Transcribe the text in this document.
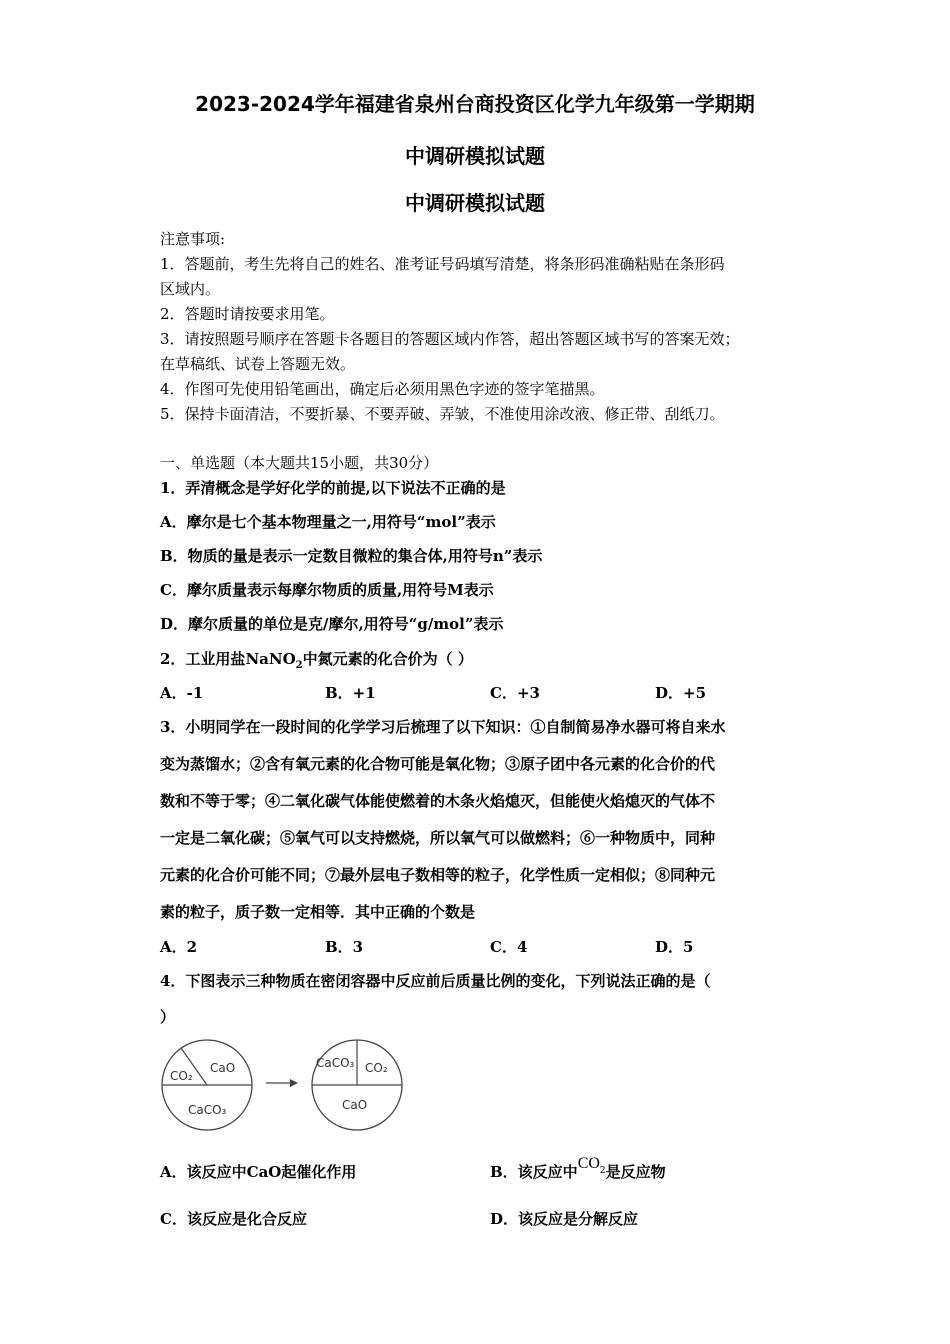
2023-2024学年福建省泉州台商投资区化学九年级第一学期期
中调研模拟试题
中调研模拟试题
注意事项:
1．答题前，考生先将自己的姓名、准考证号码填写清楚，将条形码准确粘贴在条形码
区域内。
2．答题时请按要求用笔。
3．请按照题号顺序在答题卡各题目的答题区域内作答，超出答题区域书写的答案无效；
在草稿纸、试卷上答题无效。
4．作图可先使用铅笔画出，确定后必须用黑色字迹的签字笔描黑。
5．保持卡面清洁，不要折暴、不要弄破、弄皱，不准使用涂改液、修正带、刮纸刀。
一、单选题（本大题共15小题，共30分）
1．弄清概念是学好化学的前提,以下说法不正确的是
A．摩尔是七个基本物理量之一,用符号“mol”表示
B．物质的量是表示一定数目微粒的集合体,用符号n”表示
C．摩尔质量表示每摩尔物质的质量,用符号M表示
D．摩尔质量的单位是克/摩尔,用符号“g/mol”表示
2．工业用盐NaNO$_2$中氮元素的化合价为（ ）
A．-1	B．+1	C．+3	D．+5
3．小明同学在一段时间的化学学习后梳理了以下知识：①自制简易净水器可将自来水
变为蒸馏水；②含有氧元素的化合物可能是氧化物；③原子团中各元素的化合价的代
数和不等于零；④二氧化碳气体能使燃着的木条火焰熄灭，但能使火焰熄灭的气体不
一定是二氧化碳；⑤氧气可以支持燃烧，所以氧气可以做燃料；⑥一种物质中，同种
元素的化合价可能不同；⑦最外层电子数相等的粒子，化学性质一定相似；⑧同种元
素的粒子，质子数一定相等．其中正确的个数是
A．2	B．3	C．4	D．5
4．下图表示三种物质在密闭容器中反应前后质量比例的变化，下列说法正确的是（
）
CO₂
CaO
CaCO₃
CaCO₃ CO₂
CaO
A．该反应中CaO起催化作用	B．该反应中$CO^2$是反应物
C．该反应是化合反应	D．该反应是分解反应
